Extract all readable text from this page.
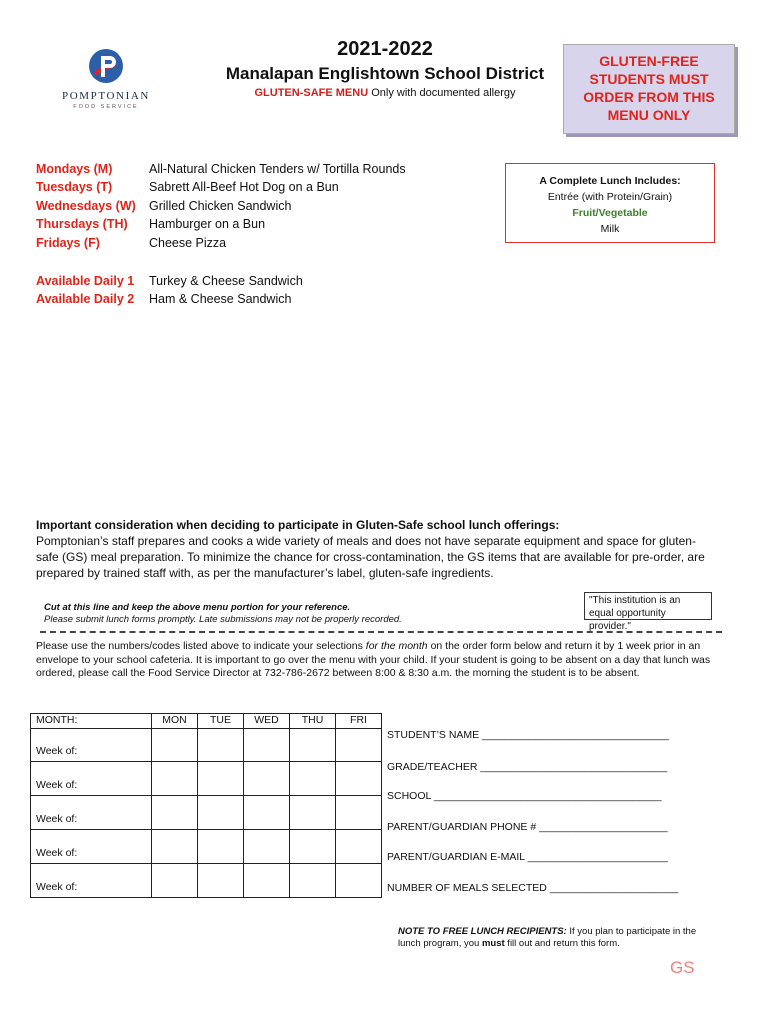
POMPTONIAN
FOOD SERVICE
2021-2022
Manalapan Englishtown School District
GLUTEN-SAFE MENU Only with documented allergy
GLUTEN-FREE
STUDENTS MUST
ORDER FROM THIS
MENU ONLY
Mondays (M)	All-Natural Chicken Tenders w/ Tortilla Rounds
Tuesdays (T)	Sabrett All-Beef Hot Dog on a Bun
Wednesdays (W) Grilled Chicken Sandwich
Thursdays (TH) Hamburger on a Bun
Fridays (F)	Cheese Pizza
Available Daily 1 Turkey & Cheese Sandwich
Available Daily 2 Ham & Cheese Sandwich
A Complete Lunch Includes:
Entrée (with Protein/Grain)
Fruit/Vegetable
Milk
Important consideration when deciding to participate in Gluten-Safe school lunch offerings:
Pomptonian’s staff prepares and cooks a wide variety of meals and does not have separate equipment and space for gluten-safe (GS) meal preparation. To minimize the chance for cross-contamination, the GS items that are available for pre-order, are prepared by trained staff with, as per the manufacturer’s label, gluten-safe ingredients.
Cut at this line and keep the above menu portion for your reference.
Please submit lunch forms promptly. Late submissions may not be properly recorded.
"This institution is an equal opportunity provider."
Please use the numbers/codes listed above to indicate your selections for the month on the order form below and return it by 1 week prior in an envelope to your school cafeteria. It is important to go over the menu with your child. If your student is going to be absent on a day that lunch was ordered, please call the Food Service Director at 732-786-2672 between 8:00 & 8:30 a.m. the morning the student is to be absent.
MONTH:	MON	TUE	WED	THU	FRI
Week of:					
Week of:					
Week of:					
Week of:					
Week of:					
STUDENT’S NAME ________________________________
GRADE/TEACHER ________________________________
SCHOOL _______________________________________
PARENT/GUARDIAN PHONE # ______________________
PARENT/GUARDIAN E-MAIL ________________________
NUMBER OF MEALS SELECTED ______________________
NOTE TO FREE LUNCH RECIPIENTS: If you plan to participate in the lunch program, you must fill out and return this form.
GS
